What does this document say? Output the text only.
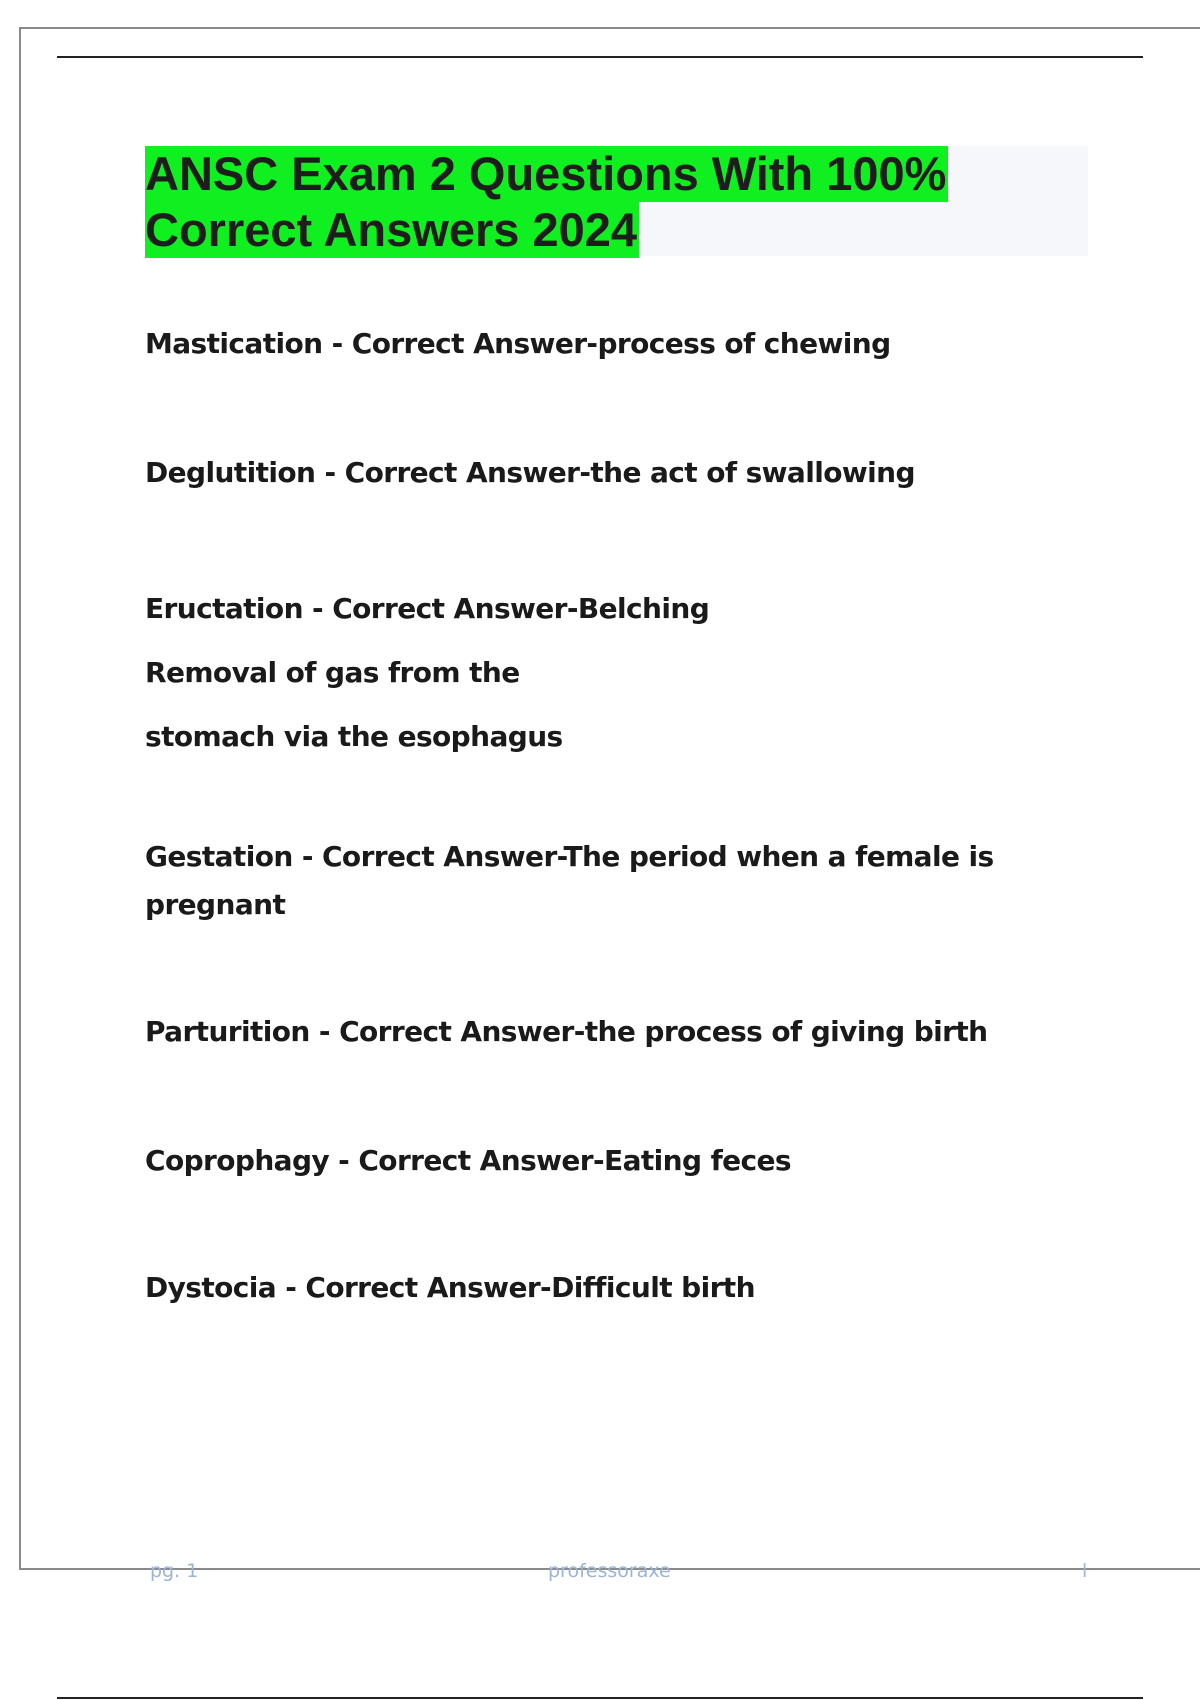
ANSC Exam 2 Questions With 100%
Correct Answers 2024
Mastication - Correct Answer-process of chewing
Deglutition - Correct Answer-the act of swallowing
Eructation - Correct Answer-Belching
Removal of gas from the
stomach via the esophagus
Gestation - Correct Answer-The period when a female is
pregnant
Parturition - Correct Answer-the process of giving birth
Coprophagy - Correct Answer-Eating feces
Dystocia - Correct Answer-Difficult birth
pg. 1	professoraxe	l
